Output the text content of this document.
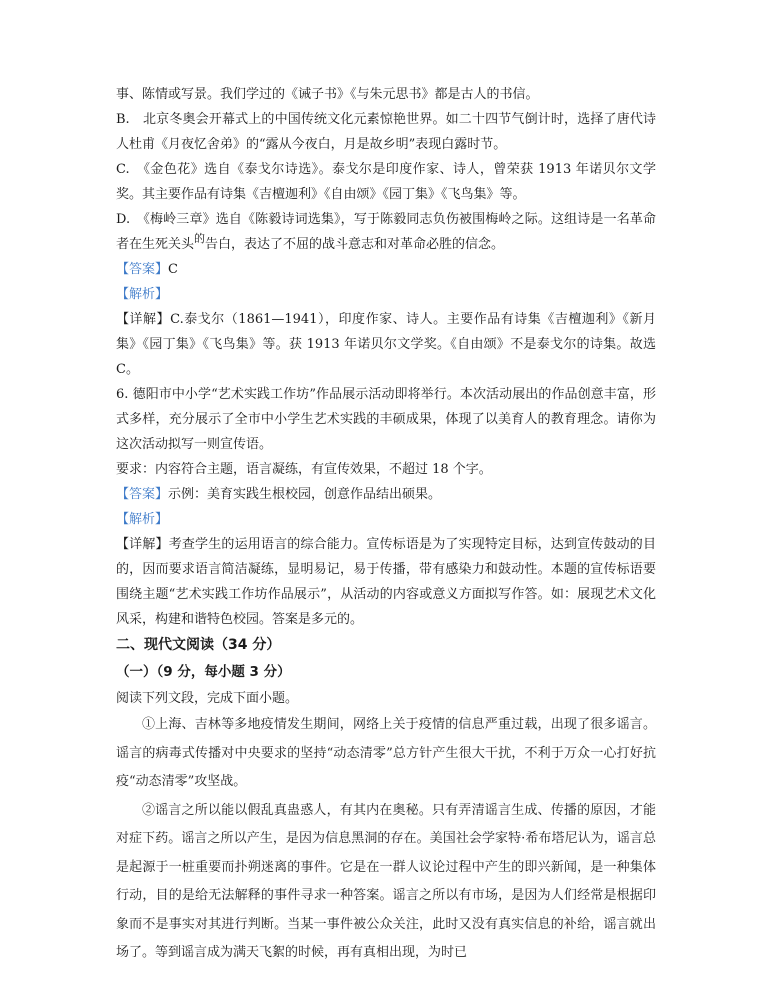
事、陈情或写景。我们学过的《诫子书》《与朱元思书》都是古人的书信。

B.　北京冬奥会开幕式上的中国传统文化元素惊艳世界。如二十四节气倒计时，选择了唐代诗人杜甫《月夜忆舍弟》的“露从今夜白，月是故乡明”表现白露时节。

C.　《金色花》选自《泰戈尔诗选》。泰戈尔是印度作家、诗人，曾荣获 1913 年诺贝尔文学奖。其主要作品有诗集《吉檀迦利》《自由颂》《园丁集》《飞鸟集》等。

D.　《梅岭三章》选自《陈毅诗词选集》，写于陈毅同志负伤被围梅岭之际。这组诗是一名革命者在生死关头$^的$告白，表达了不屈的战斗意志和对革命必胜的信念。

【答案】C

【解析】

【详解】C.泰戈尔（1861—1941），印度作家、诗人。主要作品有诗集《吉檀迦利》《新月集》《园丁集》《飞鸟集》等。获 1913 年诺贝尔文学奖。《自由颂》不是泰戈尔的诗集。故选 C。

6. 德阳市中小学“艺术实践工作坊”作品展示活动即将举行。本次活动展出的作品创意丰富，形式多样，充分展示了全市中小学生艺术实践的丰硕成果，体现了以美育人的教育理念。请你为这次活动拟写一则宣传语。

要求：内容符合主题，语言凝练，有宣传效果，不超过 18 个字。

【答案】示例：美育实践生根校园，创意作品结出硕果。

【解析】

【详解】考查学生的运用语言的综合能力。宣传标语是为了实现特定目标，达到宣传鼓动的目的，因而要求语言简洁凝练，显明易记，易于传播，带有感染力和鼓动性。本题的宣传标语要围绕主题“艺术实践工作坊作品展示”，从活动的内容或意义方面拟写作答。如：展现艺术文化风采，构建和谐特色校园。答案是多元的。

二、现代文阅读（34 分）

（一）（9 分，每小题 3 分）

阅读下列文段，完成下面小题。

①上海、吉林等多地疫情发生期间，网络上关于疫情的信息严重过载，出现了很多谣言。谣言的病毒式传播对中央要求的坚持“动态清零”总方针产生很大干扰，不利于万众一心打好抗疫“动态清零”攻坚战。

②谣言之所以能以假乱真蛊惑人，有其内在奥秘。只有弄清谣言生成、传播的原因，才能对症下药。谣言之所以产生，是因为信息黑洞的存在。美国社会学家特·希布塔尼认为，谣言总是起源于一桩重要而扑朔迷离的事件。它是在一群人议论过程中产生的即兴新闻，是一种集体行动，目的是给无法解释的事件寻求一种答案。谣言之所以有市场，是因为人们经常是根据印象而不是事实对其进行判断。当某一事件被公众关注，此时又没有真实信息的补给，谣言就出场了。等到谣言成为满天飞絮的时候，再有真相出现，为时已
